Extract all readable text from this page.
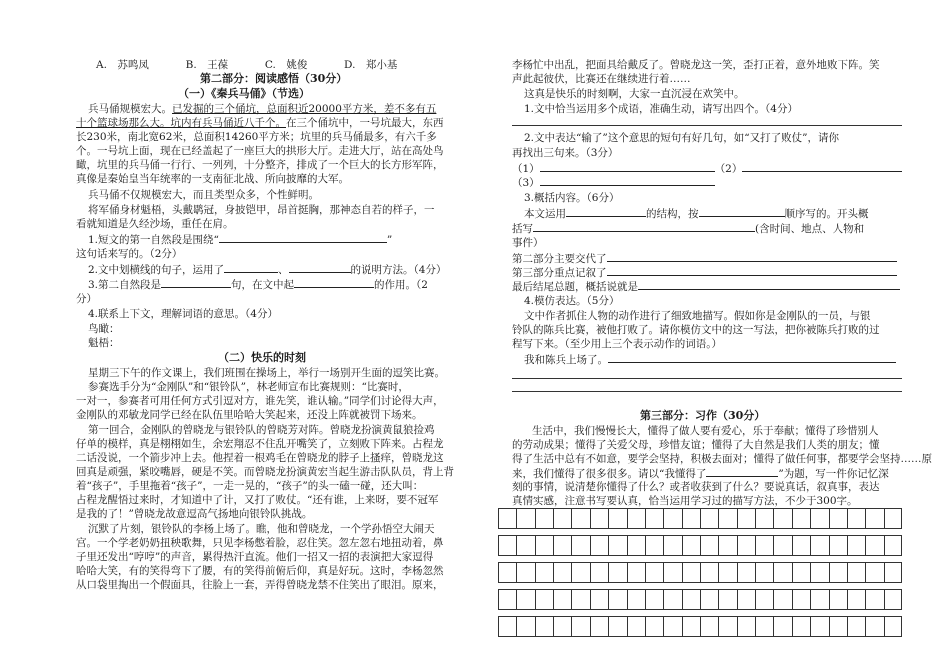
A.　苏鸣凤	B.　王葆	C.　姚俊	D.　郑小基
第二部分：阅读感悟（30分）
（一）《秦兵马俑》（节选）
兵马俑规模宏大。已发掘的三个俑坑，总面积近20000平方米，差不多有五
十个篮球场那么大。坑内有兵马俑近八千个。在三个俑坑中，一号坑最大，东西
长230米，南北宽62米，总面积14260平方米；坑里的兵马俑最多，有六千多
个。一号坑上面，现在已经盖起了一座巨大的拱形大厅。走进大厅，站在高处鸟
瞰，坑里的兵马俑一行行、一列列，十分整齐，排成了一个巨大的长方形军阵，
真像是秦始皇当年统率的一支南征北战、所向披靡的大军。
兵马俑不仅规模宏大，而且类型众多，个性鲜明。
将军俑身材魁梧，头戴鹖冠，身披铠甲，昂首挺胸，那神态自若的样子，一
看就知道是久经沙场，重任在肩。
1.短文的第一自然段是围绕“	”
这句话来写的。（2分）
2.文中划横线的句子，运用了	、	的说明方法。（4分）
3.第二自然段是	句，在文中起	的作用。（2
分）
4.联系上下文，理解词语的意思。（4分）
鸟瞰：
魁梧：
（二）快乐的时刻
星期三下午的作文课上，我们班围在操场上，举行一场别开生面的逗笑比赛。
参赛选手分为“金刚队”和“银铃队”，林老师宣布比赛规则：“比赛时，
一对一，参赛者可用任何方式引逗对方，谁先笑，谁认输。”同学们讨论得大声，
金刚队的邓敏龙同学已经在队伍里哈哈大笑起来，还没上阵就被罚下场来。
第一回合，金刚队的曾晓龙与银铃队的曾晓芳对阵。曾晓龙扮演黄鼠狼捡鸡
仔单的模样，真是栩栩如生，余宏翔忍不住乱开嘴笑了，立刻败下阵来。占程龙
二话没说，一个箭步冲上去。他捏着一根鸡毛在曾晓龙的脖子上搔痒，曾晓龙这
回真是顽强，紧咬嘴唇，硬是不笑。而曾晓龙扮演黄宏当起生游击队队员，背上背
着“孩子”，手里拖着“孩子”，一走一晃的，“孩子”的头一磕一碰，还大叫：
占程龙醒悟过来时，才知道中了计，又打了败仗。“还有谁，上来呀，要不冠军
是我的了！”曾晓龙故意逗高气扬地向银铃队挑战。
沉默了片刻，银铃队的李杨上场了。瞧，他和曾晓龙，一个学孙悟空大闹天
宫。一个学老奶奶扭秧歌舞，只见李杨憋着脸，忍住笑。忽左忽右地扭动着，鼻
子里还发出“哼哼”的声音，累得热汗直流。他们一招又一招的表演把大家逗得
哈哈大笑，有的笑得弯下了腰，有的笑得前俯后仰，真是好玩。这时，李杨忽然
从口袋里掏出一个假面具，往脸上一套，弄得曾晓龙禁不住笑出了眼泪。原来，
李杨忙中出乱，把面具给戴反了。曾晓龙这一笑，歪打正着，意外地败下阵。笑
声此起彼伏，比赛还在继续进行着……
这真是快乐的时刻啊，大家一直沉浸在欢笑中。
1.文中恰当运用多个成语，准确生动，请写出四个。（4分）
2.文中表达“输了”这个意思的短句有好几句，如“又打了败仗”，请你
再找出三句来。（3分）
（1）	（2）
（3）
3.概括内容。（6分）
本文运用	的结构，按	顺序写的。开头概
括写	(含时间、地点、人物和
事件）
第二部分主要交代了
第三部分重点记叙了
最后结尾总题，概括说就是
4.模仿表达。（5分）
文中作者抓住人物的动作进行了细致地描写。假如你是金刚队的一员，与银
铃队的陈兵比赛，被他打败了。请你模仿文中的这一写法，把你被陈兵打败的过
程写下来。（至少用上三个表示动作的词语。）
我和陈兵上场了。
第三部分：习作（30分）
生活中，我们慢慢长大，懂得了做人要有爱心，乐于奉献；懂得了珍惜别人
的劳动成果；懂得了关爱父母，珍惜友谊；懂得了大自然是我们人类的朋友；懂
得了生活中总有不如意，要学会坚持，积极去面对；懂得了做任何事，都要学会坚持……原
来，我们懂得了很多很多。请以“我懂得了	”为题，写一件你记忆深
刻的事情，说清楚你懂得了什么？或者收获到了什么？要说真话，叙真事，表达
真情实感，注意书写要认真，恰当运用学习过的描写方法，不少于300字。
